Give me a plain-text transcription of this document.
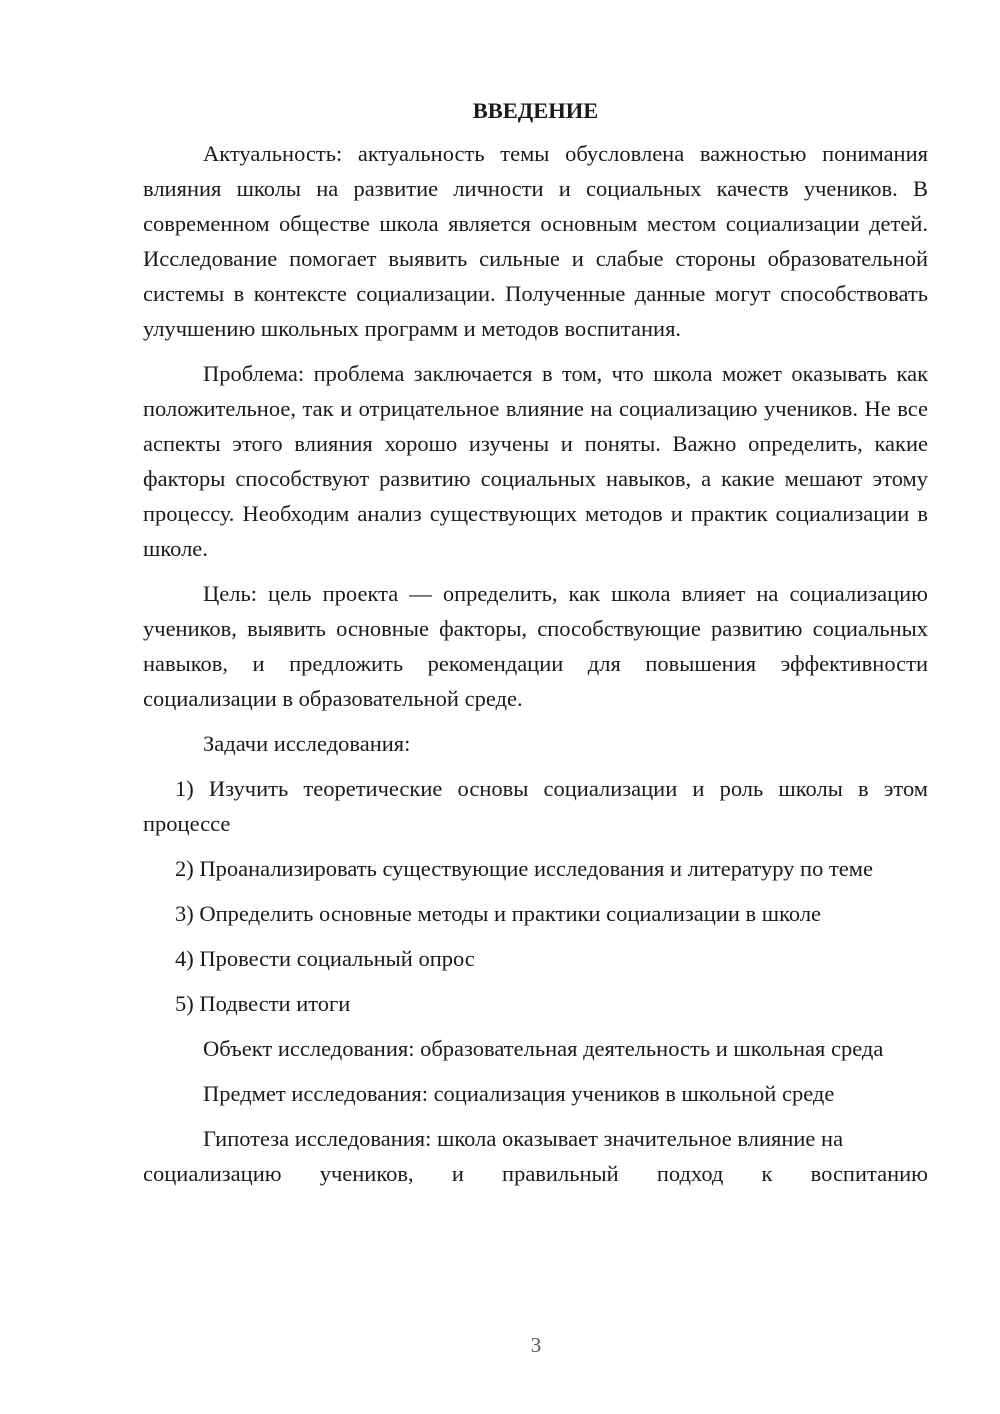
ВВЕДЕНИЕ

Актуальность: актуальность темы обусловлена важностью понимания влияния школы на развитие личности и социальных качеств учеников. В современном обществе школа является основным местом социализации детей. Исследование помогает выявить сильные и слабые стороны образовательной системы в контексте социализации. Полученные данные могут способствовать улучшению школьных программ и методов воспитания.

Проблема: проблема заключается в том, что школа может оказывать как положительное, так и отрицательное влияние на социализацию учеников. Не все аспекты этого влияния хорошо изучены и поняты. Важно определить, какие факторы способствуют развитию социальных навыков, а какие мешают этому процессу. Необходим анализ существующих методов и практик социализации в школе.

Цель: цель проекта — определить, как школа влияет на социализацию учеников, выявить основные факторы, способствующие развитию социальных навыков, и предложить рекомендации для повышения эффективности социализации в образовательной среде.

Задачи исследования:

1) Изучить теоретические основы социализации и роль школы в этом процессе

2) Проанализировать существующие исследования и литературу по теме

3) Определить основные методы и практики социализации в школе

4) Провести социальный опрос

5) Подвести итоги

Объект исследования: образовательная деятельность и школьная среда

Предмет исследования: социализация учеников в школьной среде

Гипотеза исследования: школа оказывает значительное влияние на

социализацию учеников, и правильный подход к воспитанию

3
